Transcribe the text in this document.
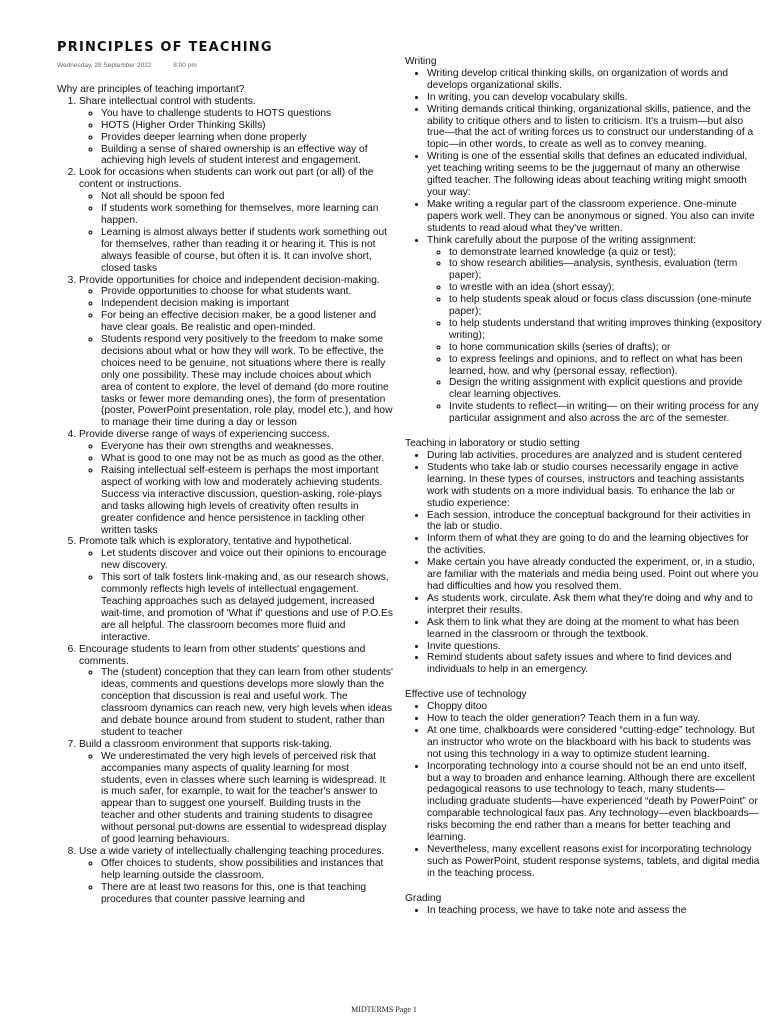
PRINCIPLES OF TEACHING
Wednesday, 28 September 2022	8:00 pm

Why are principles of teaching important?

1. Share intellectual control with students.
◦ You have to challenge students to HOTS questions
◦ HOTS (Higher Order Thinking Skills)
◦ Provides deeper learning when done properly
◦ Building a sense of shared ownership is an effective way of achieving high levels of student interest and engagement.
2. Look for occasions when students can work out part (or all) of the content or instructions.
◦ Not all should be spoon fed
◦ If students work something for themselves, more learning can happen.
◦ Learning is almost always better if students work something out for themselves, rather than reading it or hearing it. This is not always feasible of course, but often it is. It can involve short, closed tasks
3. Provide opportunities for choice and independent decision-making.
◦ Provide opportunities to choose for what students want.
◦ Independent decision making is important
◦ For being an effective decision maker, be a good listener and have clear goals. Be realistic and open-minded.
◦ Students respond very positively to the freedom to make some decisions about what or how they will work. To be effective, the choices need to be genuine, not situations where there is really only one possibility. These may include choices about which area of content to explore, the level of demand (do more routine tasks or fewer more demanding ones), the form of presentation (poster, PowerPoint presentation, role play, model etc.), and how to manage their time during a day or lesson
4. Provide diverse range of ways of experiencing success.
◦ Everyone has their own strengths and weaknesses.
◦ What is good to one may not be as much as good as the other.
◦ Raising intellectual self-esteem is perhaps the most important aspect of working with low and moderately achieving students. Success via interactive discussion, question-asking, role-plays and tasks allowing high levels of creativity often results in greater confidence and hence persistence in tackling other written tasks
5. Promote talk which is exploratory, tentative and hypothetical.
◦ Let students discover and voice out their opinions to encourage new discovery.
◦ This sort of talk fosters link-making and, as our research shows, commonly reflects high levels of intellectual engagement. Teaching approaches such as delayed judgement, increased wait-time, and promotion of 'What if' questions and use of P.O.Es are all helpful. The classroom becomes more fluid and interactive.
6. Encourage students to learn from other students' questions and comments.
◦ The (student) conception that they can learn from other students' ideas, comments and questions develops more slowly than the conception that discussion is real and useful work. The classroom dynamics can reach new, very high levels when ideas and debate bounce around from student to student, rather than student to teacher
7. Build a classroom environment that supports risk-taking.
◦ We underestimated the very high levels of perceived risk that accompanies many aspects of quality learning for most students, even in classes where such learning is widespread. It is much safer, for example, to wait for the teacher's answer to appear than to suggest one yourself. Building trusts in the teacher and other students and training students to disagree without personal put-downs are essential to widespread display of good learning behaviours.
8. Use a wide variety of intellectually challenging teaching procedures.
◦ Offer choices to students, show possibilities and instances that help learning outside the classroom.
◦ There are at least two reasons for this, one is that teaching procedures that counter passive learning and

Writing

• Writing develop critical thinking skills, on organization of words and develops organizational skills.
• In writing, you can develop vocabulary skills.
• Writing demands critical thinking, organizational skills, patience, and the ability to critique others and to listen to criticism. It's a truism—but also true—that the act of writing forces us to construct our understanding of a topic—in other words, to create as well as to convey meaning.
• Writing is one of the essential skills that defines an educated individual, yet teaching writing seems to be the juggernaut of many an otherwise gifted teacher. The following ideas about teaching writing might smooth your way:
• Make writing a regular part of the classroom experience. One-minute papers work well. They can be anonymous or signed. You also can invite students to read aloud what they've written.
• Think carefully about the purpose of the writing assignment:
◦ to demonstrate learned knowledge (a quiz or test);
◦ to show research abilities—analysis, synthesis, evaluation (term paper);
◦ to wrestle with an idea (short essay);
◦ to help students speak aloud or focus class discussion (one-minute paper);
◦ to help students understand that writing improves thinking (expository writing);
◦ to hone communication skills (series of drafts); or
◦ to express feelings and opinions, and to reflect on what has been learned, how, and why (personal essay, reflection).
◦ Design the writing assignment with explicit questions and provide clear learning objectives.
◦ Invite students to reflect—in writing— on their writing process for any particular assignment and also across the arc of the semester.

Teaching in laboratory or studio setting

• During lab activities, procedures are analyzed and is student centered
• Students who take lab or studio courses necessarily engage in active learning. In these types of courses, instructors and teaching assistants work with students on a more individual basis. To enhance the lab or studio experience:
• Each session, introduce the conceptual background for their activities in the lab or studio.
• Inform them of what they are going to do and the learning objectives for the activities.
• Make certain you have already conducted the experiment, or, in a studio, are familiar with the materials and media being used. Point out where you had difficulties and how you resolved them.
• As students work, circulate. Ask them what they're doing and why and to interpret their results.
• Ask them to link what they are doing at the moment to what has been learned in the classroom or through the textbook.
• Invite questions.
• Remind students about safety issues and where to find devices and individuals to help in an emergency.

Effective use of technology

• Choppy ditoo
• How to teach the older generation? Teach them in a fun way.
• At one time, chalkboards were considered “cutting-edge” technology. But an instructor who wrote on the blackboard with his back to students was not using this technology in a way to optimize student learning.
• Incorporating technology into a course should not be an end unto itself, but a way to broaden and enhance learning. Although there are excellent pedagogical reasons to use technology to teach, many students—including graduate students—have experienced “death by PowerPoint” or comparable technological faux pas. Any technology—even blackboards—risks becoming the end rather than a means for better teaching and learning.
• Nevertheless, many excellent reasons exist for incorporating technology such as PowerPoint, student response systems, tablets, and digital media in the teaching process.

Grading

• In teaching process, we have to take note and assess the
MIDTERMS Page 1
